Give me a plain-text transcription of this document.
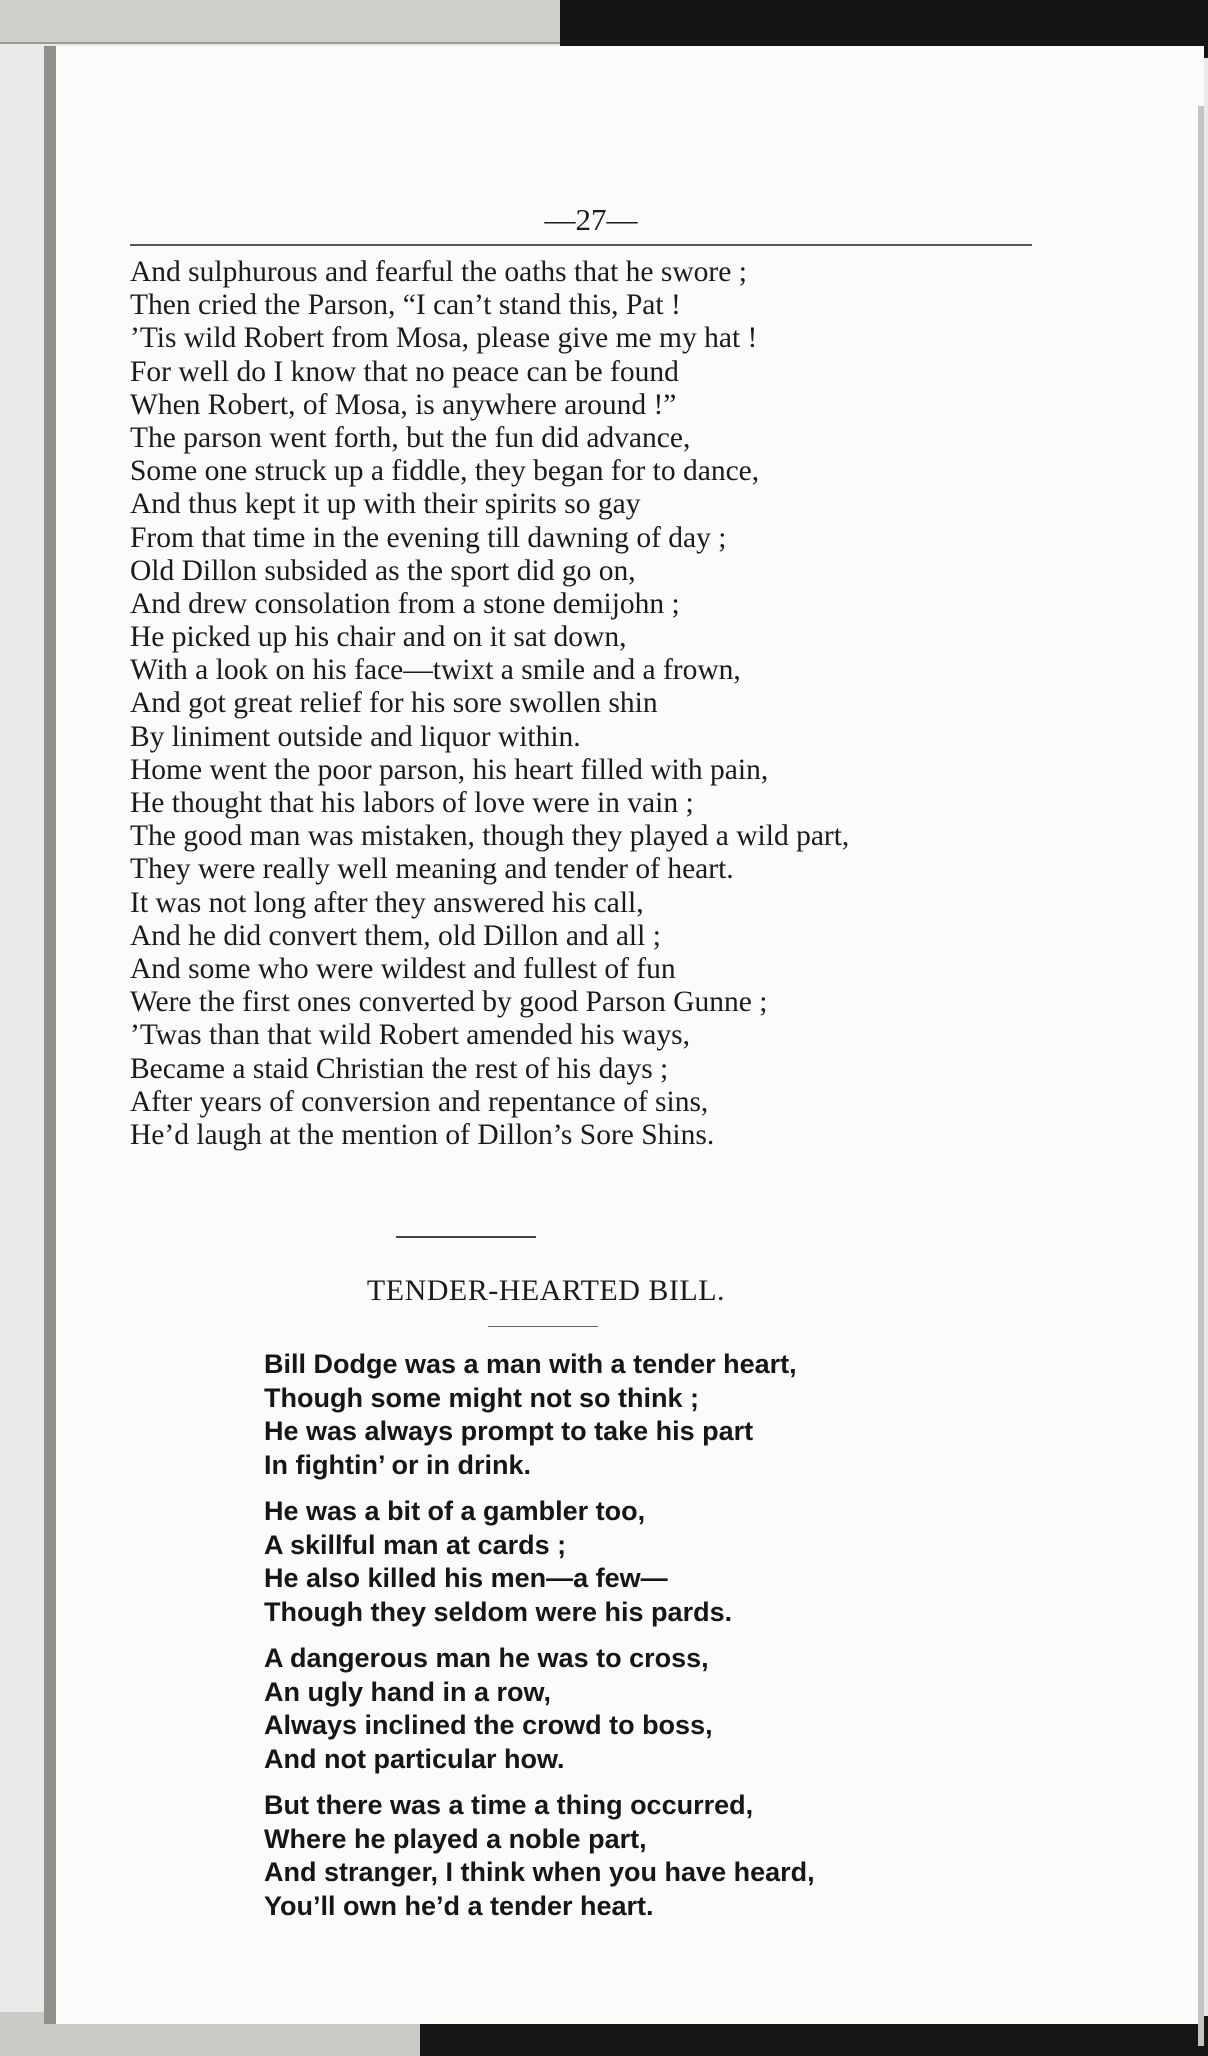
—27—
And sulphurous and fearful the oaths that he swore ;
Then cried the Parson, “I can’t stand this, Pat !
’Tis wild Robert from Mosa, please give me my hat !
For well do I know that no peace can be found
When Robert, of Mosa, is anywhere around !”
The parson went forth, but the fun did advance,
Some one struck up a fiddle, they began for to dance,
And thus kept it up with their spirits so gay
From that time in the evening till dawning of day ;
Old Dillon subsided as the sport did go on,
And drew consolation from a stone demijohn ;
He picked up his chair and on it sat down,
With a look on his face—twixt a smile and a frown,
And got great relief for his sore swollen shin
By liniment outside and liquor within.
Home went the poor parson, his heart filled with pain,
He thought that his labors of love were in vain ;
The good man was mistaken, though they played a wild part,
They were really well meaning and tender of heart.
It was not long after they answered his call,
And he did convert them, old Dillon and all ;
And some who were wildest and fullest of fun
Were the first ones converted by good Parson Gunne ;
’Twas than that wild Robert amended his ways,
Became a staid Christian the rest of his days ;
After years of conversion and repentance of sins,
He’d laugh at the mention of Dillon’s Sore Shins.
TENDER-HEARTED BILL.
Bill Dodge was a man with a tender heart,
Though some might not so think ;
He was always prompt to take his part
In fightin’ or in drink.
He was a bit of a gambler too,
A skillful man at cards ;
He also killed his men—a few—
Though they seldom were his pards.
A dangerous man he was to cross,
An ugly hand in a row,
Always inclined the crowd to boss,
And not particular how.
But there was a time a thing occurred,
Where he played a noble part,
And stranger, I think when you have heard,
You’ll own he’d a tender heart.
